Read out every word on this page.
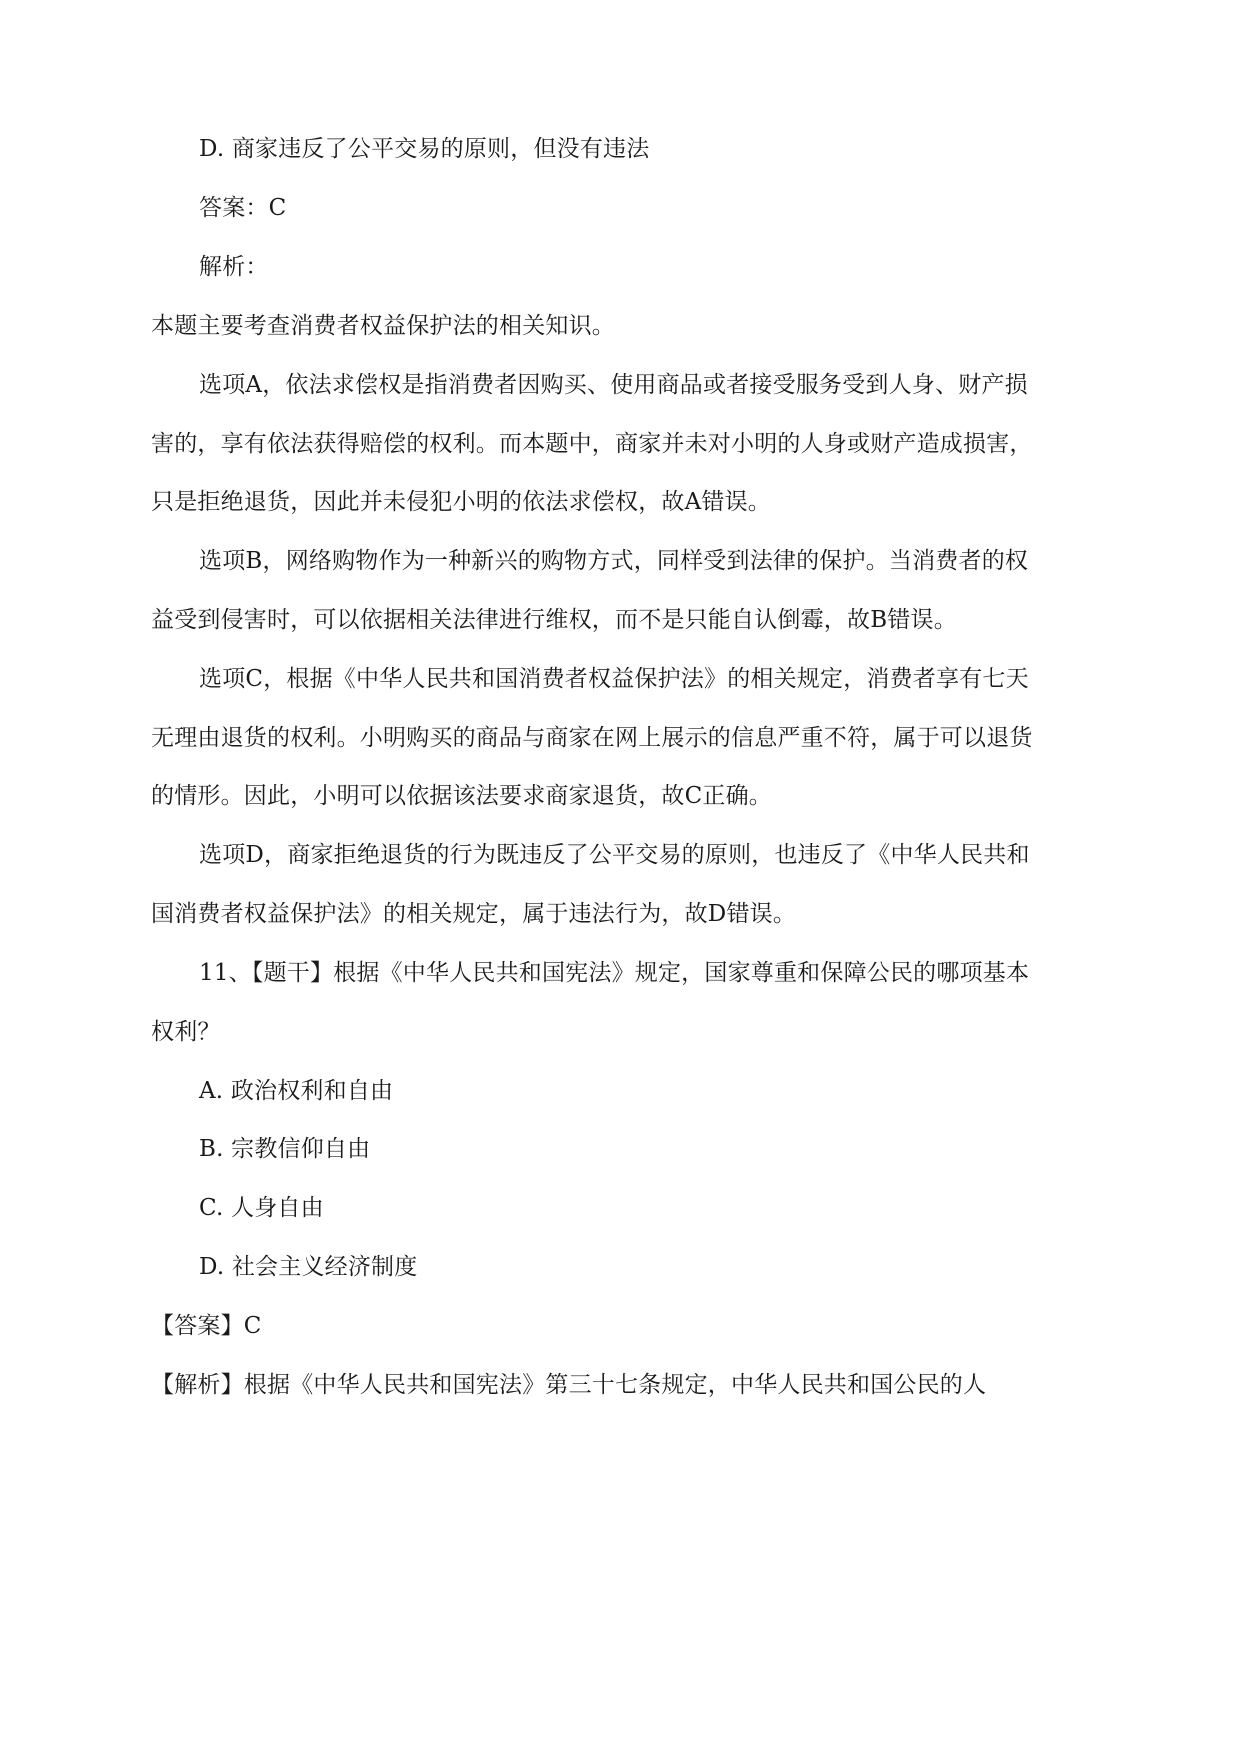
D. 商家违反了公平交易的原则，但没有违法
答案：C
解析：
本题主要考查消费者权益保护法的相关知识。
选项A，依法求偿权是指消费者因购买、使用商品或者接受服务受到人身、财产损
害的，享有依法获得赔偿的权利。而本题中，商家并未对小明的人身或财产造成损害，
只是拒绝退货，因此并未侵犯小明的依法求偿权，故A错误。
选项B，网络购物作为一种新兴的购物方式，同样受到法律的保护。当消费者的权
益受到侵害时，可以依据相关法律进行维权，而不是只能自认倒霉，故B错误。
选项C，根据《中华人民共和国消费者权益保护法》的相关规定，消费者享有七天
无理由退货的权利。小明购买的商品与商家在网上展示的信息严重不符，属于可以退货
的情形。因此，小明可以依据该法要求商家退货，故C正确。
选项D，商家拒绝退货的行为既违反了公平交易的原则，也违反了《中华人民共和
国消费者权益保护法》的相关规定，属于违法行为，故D错误。
11、【题干】根据《中华人民共和国宪法》规定，国家尊重和保障公民的哪项基本
权利？
A. 政治权利和自由
B. 宗教信仰自由
C. 人身自由
D. 社会主义经济制度
【答案】C
【解析】根据《中华人民共和国宪法》第三十七条规定，中华人民共和国公民的人
